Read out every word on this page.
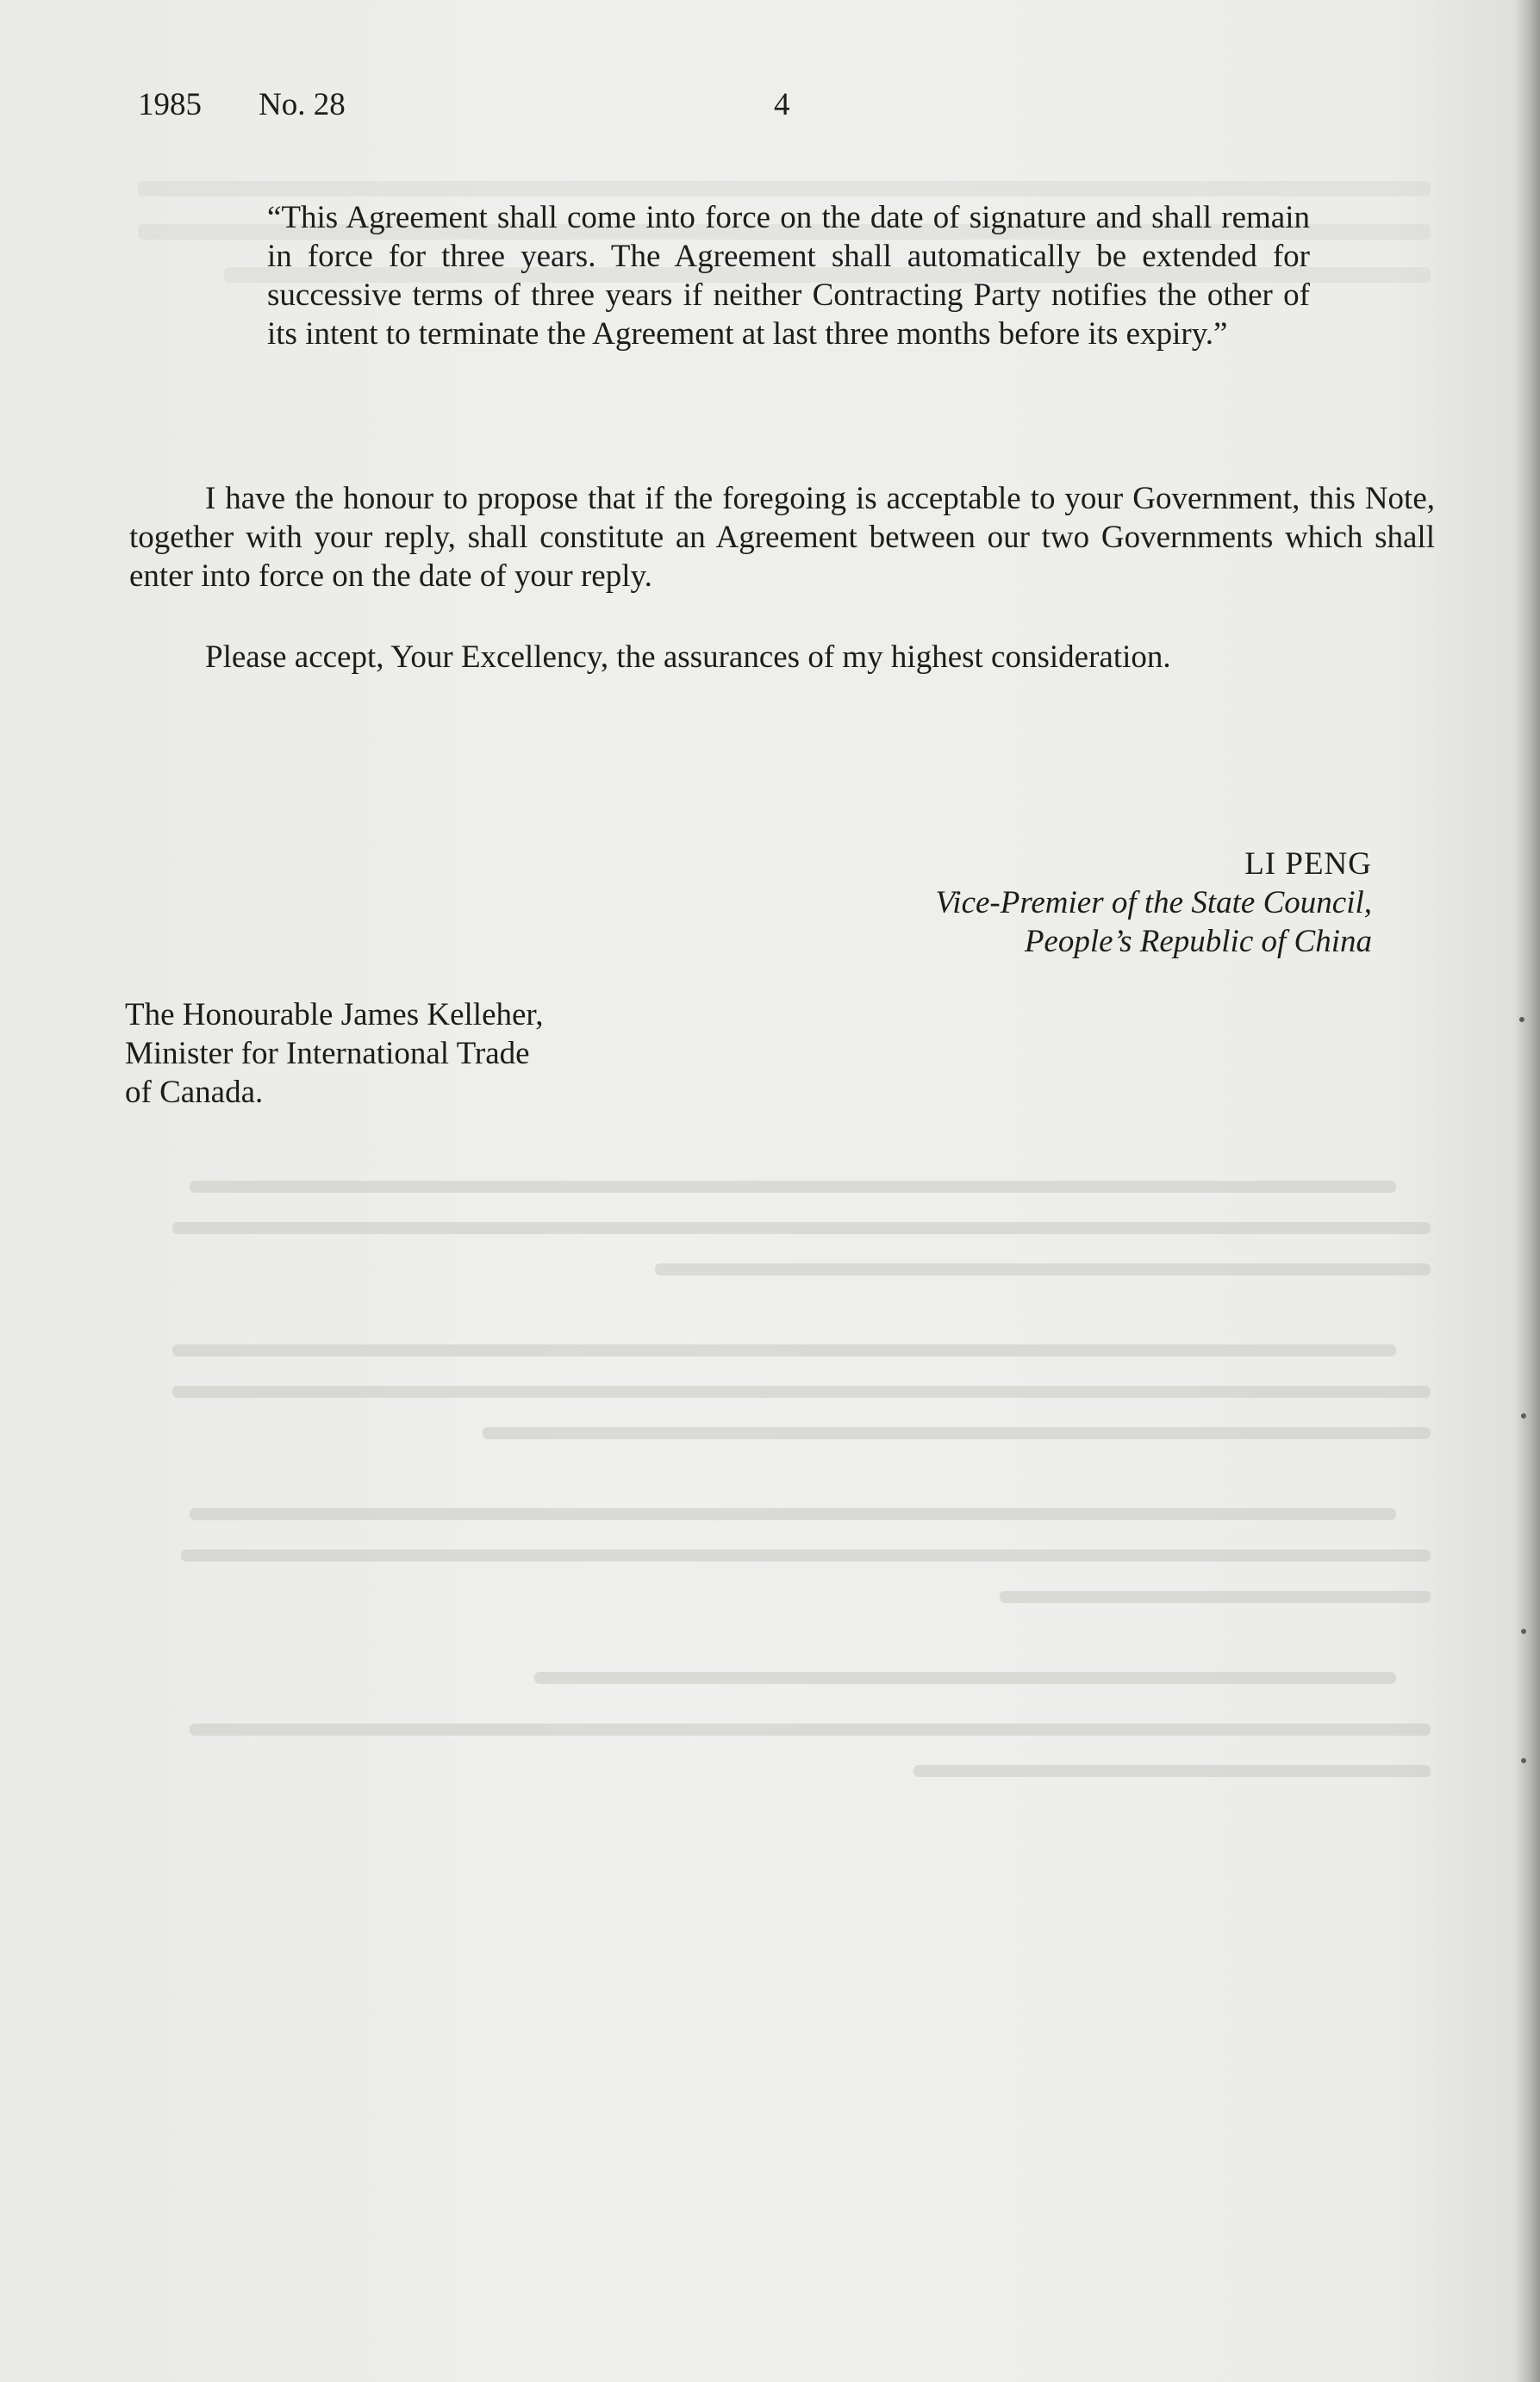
1985 No. 28	4

“This Agreement shall come into force on the date of signature and shall remain in force for three years. The Agreement shall automatically be extended for successive terms of three years if neither Contracting Party notifies the other of its intent to terminate the Agreement at last three months before its expiry.”

I have the honour to propose that if the foregoing is acceptable to your Government, this Note, together with your reply, shall constitute an Agreement between our two Governments which shall enter into force on the date of your reply.

Please accept, Your Excellency, the assurances of my highest consideration.

LI PENG
Vice-Premier of the State Council,
People’s Republic of China
The Honourable James Kelleher,
Minister for International Trade
of Canada.
